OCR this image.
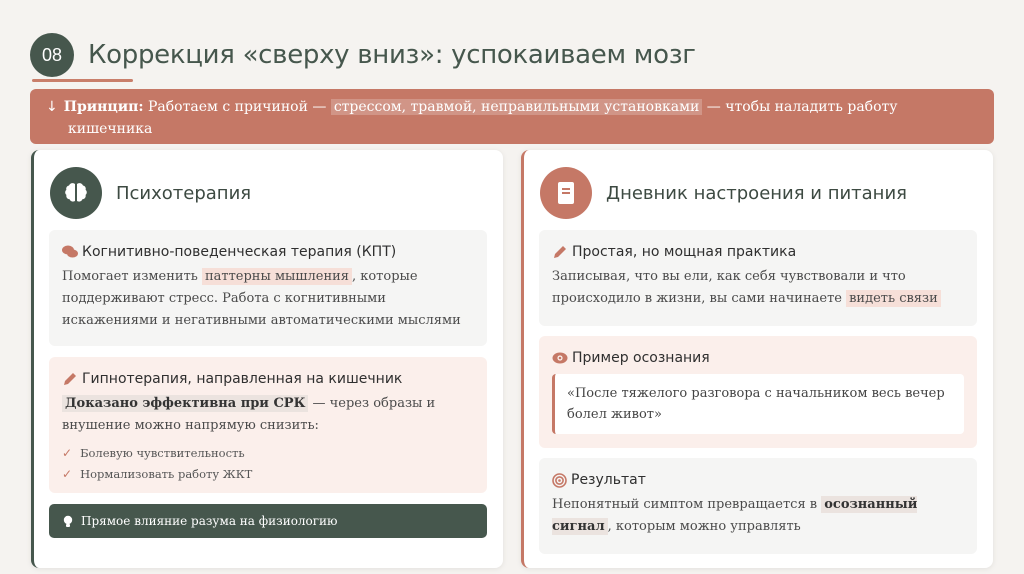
08 Коррекция «сверху вниз»: успокаиваем мозг
↓ Принцип: Работаем с причиной — стрессом, травмой, неправильными установками — чтобы наладить работу
кишечника
Психотерапия
Когнитивно-поведенческая терапия (КПТ)
Помогает изменить паттерны мышления , которые поддерживают стресс. Работа с когнитивными искажениями и негативными автоматическими мыслями
Гипнотерапия, направленная на кишечник
Доказано эффективна при СРК — через образы и внушение можно напрямую снизить:
✓ Болевую чувствительность
✓ Нормализовать работу ЖКТ
Прямое влияние разума на физиологию
Дневник настроения и питания
Простая, но мощная практика
Записывая, что вы ели, как себя чувствовали и что происходило в жизни, вы сами начинаете видеть связи
Пример осознания
«После тяжелого разговора с начальником весь вечер болел живот»
Результат
Непонятный симптом превращается в осознанный сигнал , которым можно управлять
